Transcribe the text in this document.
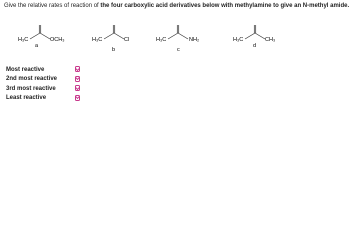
Give the relative rates of reaction of the four carboxylic acid derivatives below with methylamine to give an N-methyl amide.
H₃C	OCH₃
a
H₃C	Cl
b
H₃C	NH₂
c
H₃C	CH₃
d
Most reactive
2nd most reactive
3rd most reactive
Least reactive
